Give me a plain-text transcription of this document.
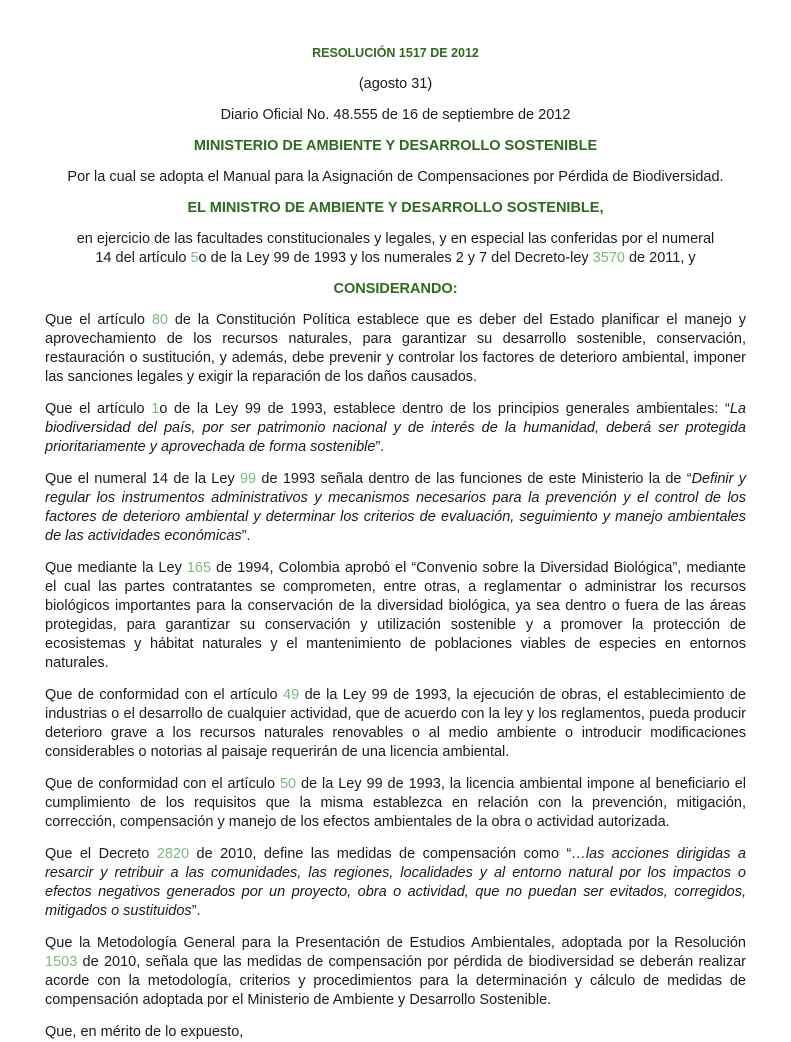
RESOLUCIÓN 1517 DE 2012
(agosto 31)
Diario Oficial No. 48.555 de 16 de septiembre de 2012
MINISTERIO DE AMBIENTE Y DESARROLLO SOSTENIBLE
Por la cual se adopta el Manual para la Asignación de Compensaciones por Pérdida de Biodiversidad.
EL MINISTRO DE AMBIENTE Y DESARROLLO SOSTENIBLE,
en ejercicio de las facultades constitucionales y legales, y en especial las conferidas por el numeral 14 del artículo 5o de la Ley 99 de 1993 y los numerales 2 y 7 del Decreto-ley 3570 de 2011, y
CONSIDERANDO:

Que el artículo 80 de la Constitución Política establece que es deber del Estado planificar el manejo y aprovechamiento de los recursos naturales, para garantizar su desarrollo sostenible, conservación, restauración o sustitución, y además, debe prevenir y controlar los factores de deterioro ambiental, imponer las sanciones legales y exigir la reparación de los daños causados.

Que el artículo 1o de la Ley 99 de 1993, establece dentro de los principios generales ambientales: “La biodiversidad del país, por ser patrimonio nacional y de interés de la humanidad, deberá ser protegida prioritariamente y aprovechada de forma sostenible”.

Que el numeral 14 de la Ley 99 de 1993 señala dentro de las funciones de este Ministerio la de “Definir y regular los instrumentos administrativos y mecanismos necesarios para la prevención y el control de los factores de deterioro ambiental y determinar los criterios de evaluación, seguimiento y manejo ambientales de las actividades económicas”.

Que mediante la Ley 165 de 1994, Colombia aprobó el “Convenio sobre la Diversidad Biológica”, mediante el cual las partes contratantes se comprometen, entre otras, a reglamentar o administrar los recursos biológicos importantes para la conservación de la diversidad biológica, ya sea dentro o fuera de las áreas protegidas, para garantizar su conservación y utilización sostenible y a promover la protección de ecosistemas y hábitat naturales y el mantenimiento de poblaciones viables de especies en entornos naturales.

Que de conformidad con el artículo 49 de la Ley 99 de 1993, la ejecución de obras, el establecimiento de industrias o el desarrollo de cualquier actividad, que de acuerdo con la ley y los reglamentos, pueda producir deterioro grave a los recursos naturales renovables o al medio ambiente o introducir modificaciones considerables o notorias al paisaje requerirán de una licencia ambiental.

Que de conformidad con el artículo 50 de la Ley 99 de 1993, la licencia ambiental impone al beneficiario el cumplimiento de los requisitos que la misma establezca en relación con la prevención, mitigación, corrección, compensación y manejo de los efectos ambientales de la obra o actividad autorizada.

Que el Decreto 2820 de 2010, define las medidas de compensación como “…las acciones dirigidas a resarcir y retribuir a las comunidades, las regiones, localidades y al entorno natural por los impactos o efectos negativos generados por un proyecto, obra o actividad, que no puedan ser evitados, corregidos, mitigados o sustituidos”.

Que la Metodología General para la Presentación de Estudios Ambientales, adoptada por la Resolución 1503 de 2010, señala que las medidas de compensación por pérdida de biodiversidad se deberán realizar acorde con la metodología, criterios y procedimientos para la determinación y cálculo de medidas de compensación adoptada por el Ministerio de Ambiente y Desarrollo Sostenible.

Que, en mérito de lo expuesto,
